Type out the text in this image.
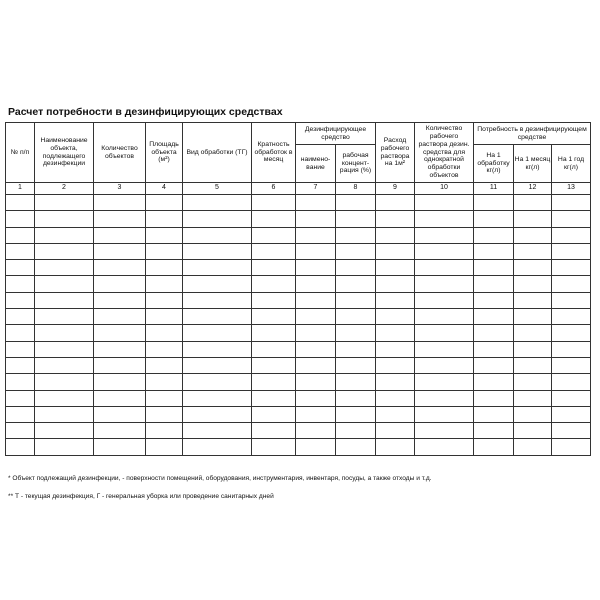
Расчет потребности в дезинфицирующих средствах
№ п/п	Наименование объекта, подлежащего дезинфекции	Количество объектов	Площадь объекта (м²)	Вид обработки (ТГ)	Кратность обработок в месяц	Дезинфицирующее средство		Расход рабочего раствора на 1м²	Количество рабочего раствора дезин. средства для однократной обработки объектов	Потребность в дезинфицирующем средстве		
						наимено-вание	рабочая концент-рация (%)			На 1 обработку кг(л)	На 1 месяц кг(л)	На 1 год кг(л)
1	2	3	4	5	6	7	8	9	10	11	12	13

* Объект подлежащий дезинфекции, - поверхности помещений, оборудования, инструментария, инвентаря, посуды, а также отходы и т.д.
** Т - текущая дезинфекция, Г - генеральная уборка или проведение санитарных дней
